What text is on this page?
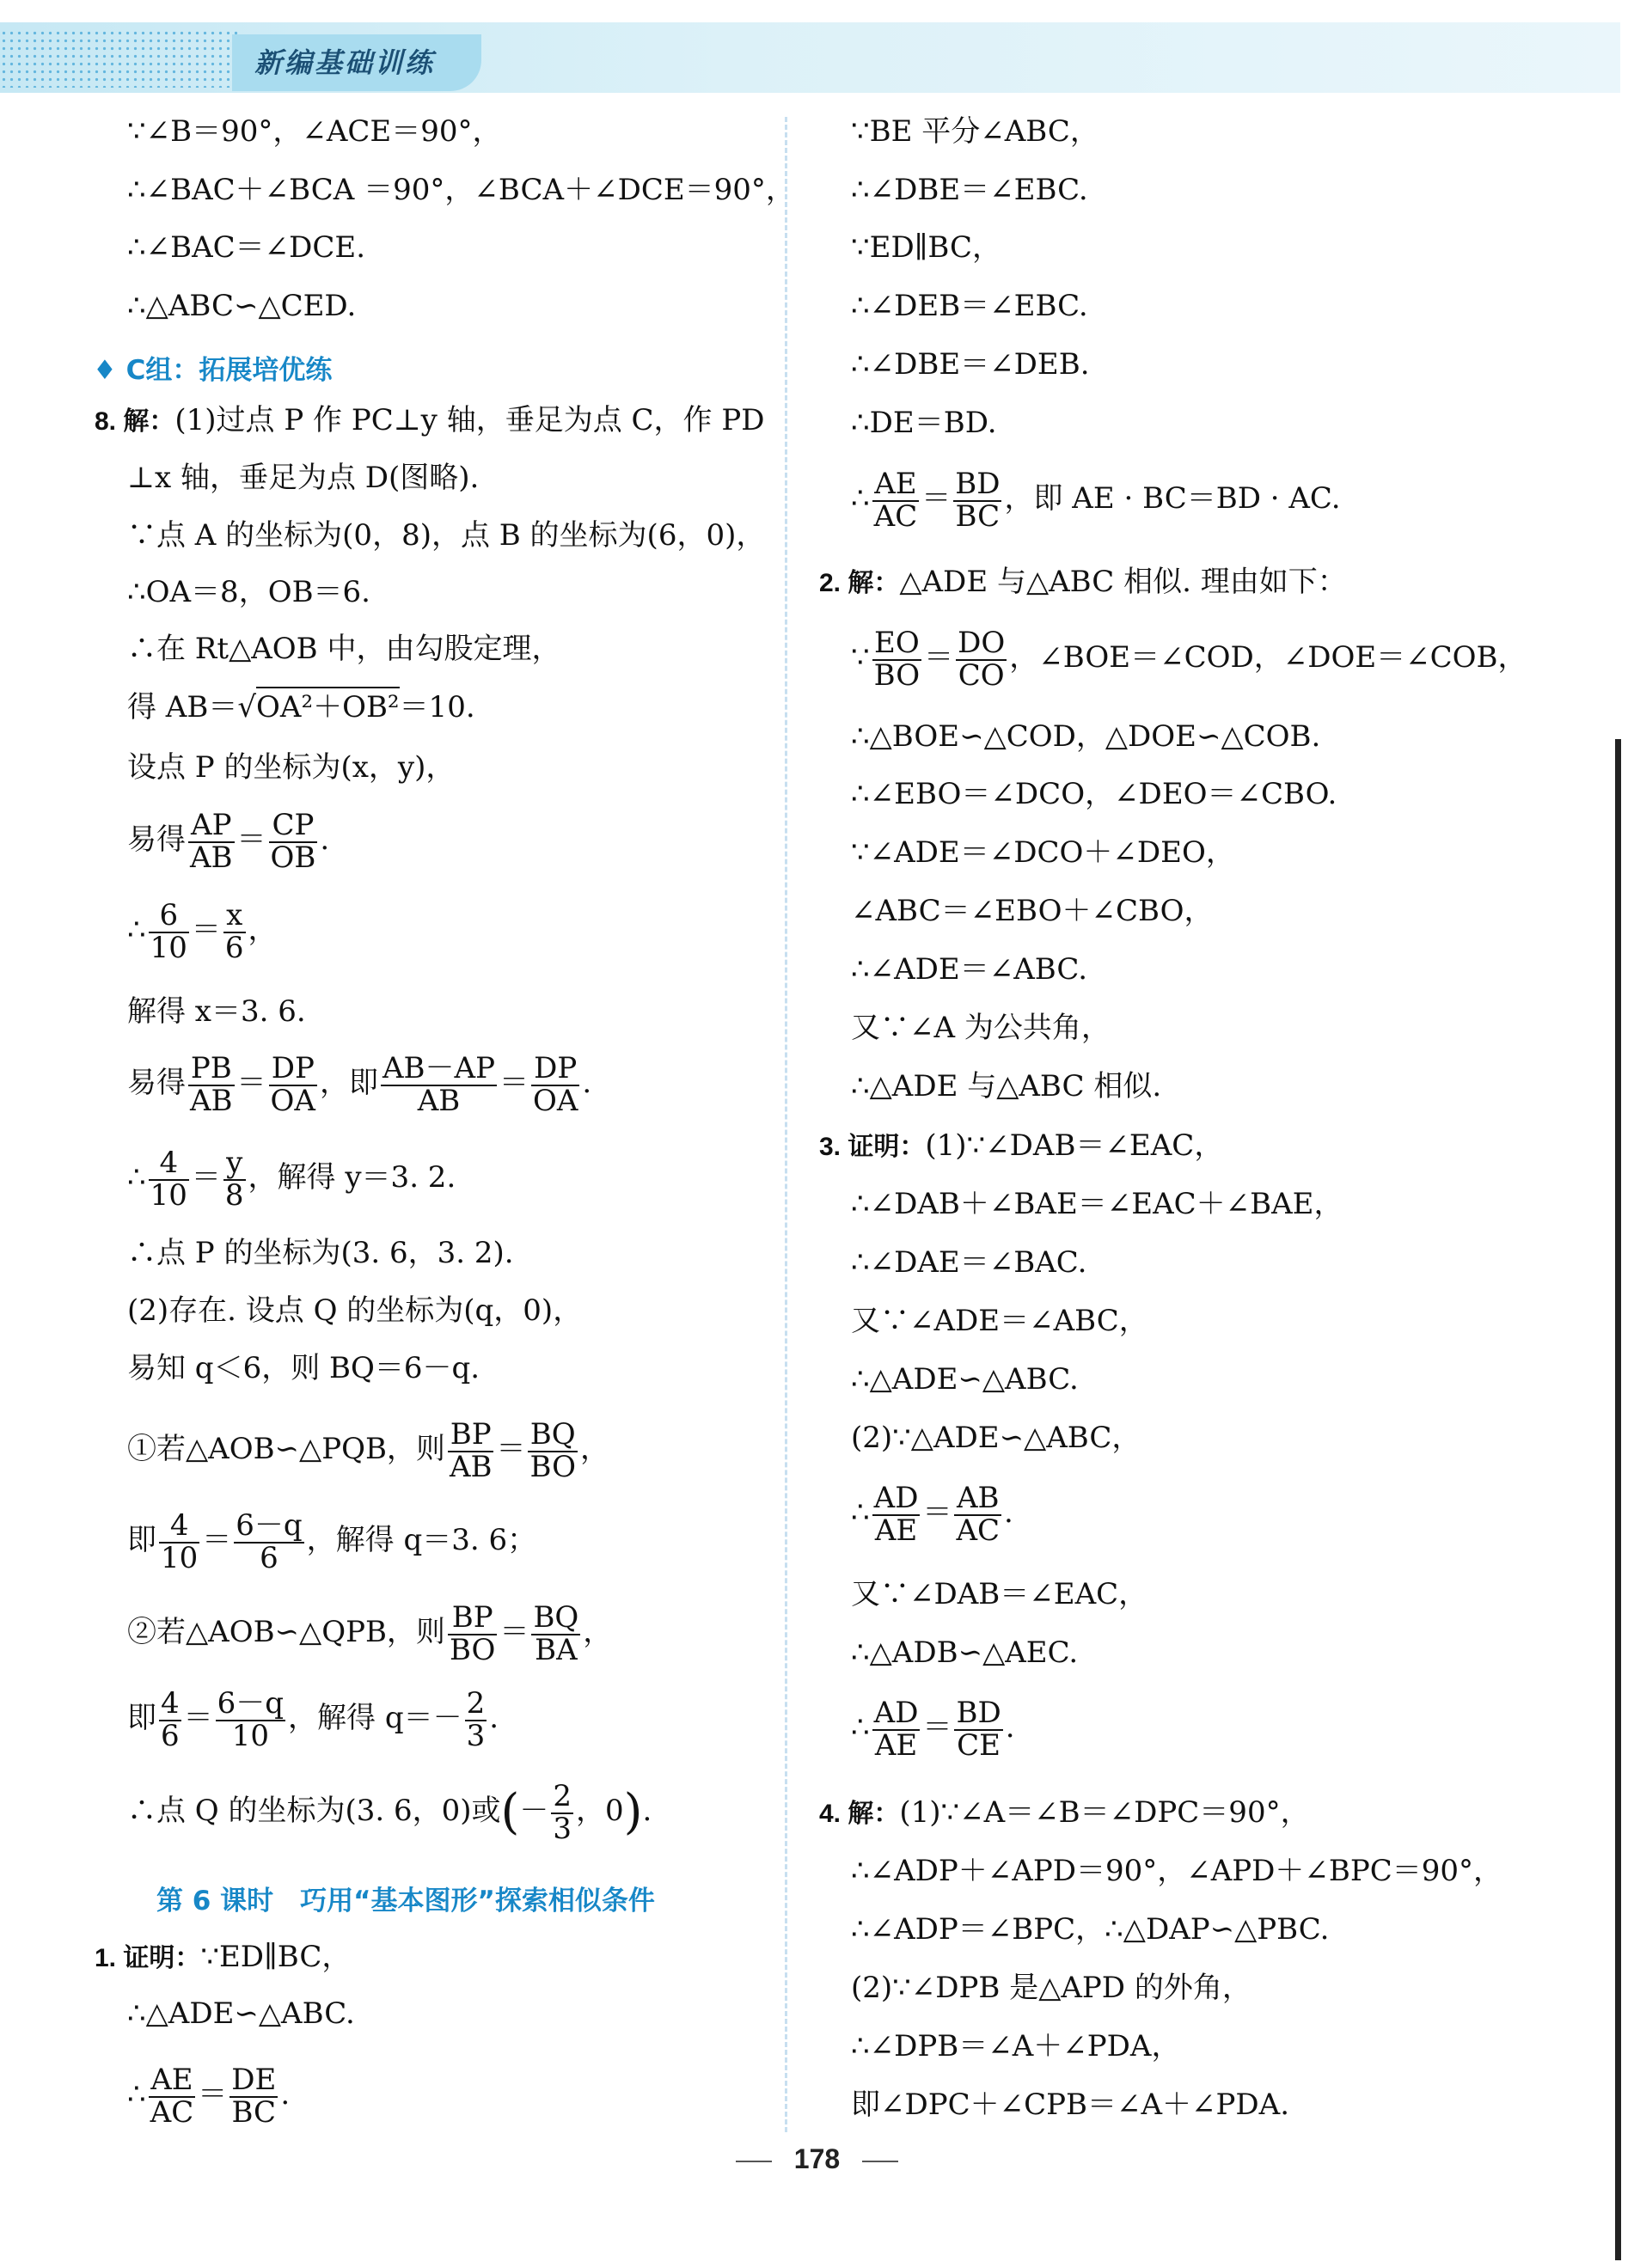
新编基础训练
∵∠B＝90°，∠ACE＝90°，
∴∠BAC＋∠BCA ＝90°，∠BCA＋∠DCE＝90°，
∴∠BAC＝∠DCE.
∴△ABC∽△CED.
♦ C组：拓展培优练
8. 解：(1)过点 P 作 PC⊥y 轴，垂足为点 C，作 PD
⊥x 轴，垂足为点 D(图略).
∵点 A 的坐标为(0，8)，点 B 的坐标为(6，0)，
∴OA＝8，OB＝6.
∴在 Rt△AOB 中，由勾股定理，
得 AB＝√OA²＋OB²＝10.
设点 P 的坐标为(x，y)，
易得 $\frac{AP}{AB} = \frac{CP}{OB}$ .
∴ $\frac{6}{10} = \frac{x}{6}$ ，
解得 x＝3. 6.
易得 $\frac{PB}{AB} = \frac{DP}{OA}$ ，即 $\frac{AB-AP}{AB} = \frac{DP}{OA}$ .
∴ $\frac{4}{10} = \frac{y}{8}$ ，解得 y＝3. 2.
∴点 P 的坐标为(3. 6，3. 2).
(2)存在. 设点 Q 的坐标为(q，0)，
易知 q＜6，则 BQ＝6－q.
①若△AOB∽△PQB，则 $\frac{BP}{AB} = \frac{BQ}{BO}$ ，
即 $\frac{4}{10} = \frac{6-q}{6}$ ，解得 q＝3. 6；
②若△AOB∽△QPB，则 $\frac{BP}{BO} = \frac{BQ}{BA}$ ，
即 $\frac{4}{6} = \frac{6-q}{10}$ ，解得 $q=- \frac{2}{3}$ .
∴点 Q 的坐标为(3. 6，0)或(－ $\frac{2}{3}$ ，0).
第 6 课时　巧用“基本图形”探索相似条件
1. 证明：∵ED∥BC，
∴△ADE∽△ABC.
∴ $\frac{AE}{AC} = \frac{DE}{BC}$ .
∵BE 平分∠ABC，
∴∠DBE＝∠EBC.
∵ED∥BC，
∴∠DEB＝∠EBC.
∴∠DBE＝∠DEB.
∴DE＝BD.
∴ $\frac{AE}{AC} = \frac{BD}{BC}$ ，即 AE · BC＝BD · AC.
2. 解：△ADE 与△ABC 相似. 理由如下：
∵ $\frac{EO}{BO} = \frac{DO}{CO}$ ，∠BOE＝∠COD，∠DOE＝∠COB，
∴△BOE∽△COD，△DOE∽△COB.
∴∠EBO＝∠DCO，∠DEO＝∠CBO.
∵∠ADE＝∠DCO＋∠DEO，
∠ABC＝∠EBO＋∠CBO，
∴∠ADE＝∠ABC.
又∵∠A 为公共角，
∴△ADE 与△ABC 相似.
3. 证明：(1)∵∠DAB＝∠EAC，
∴∠DAB＋∠BAE＝∠EAC＋∠BAE，
∴∠DAE＝∠BAC.
又∵∠ADE＝∠ABC，
∴△ADE∽△ABC.
(2)∵△ADE∽△ABC，
∴ $\frac{AD}{AE} = \frac{AB}{AC}$ .
又∵∠DAB＝∠EAC，
∴△ADB∽△AEC.
∴ $\frac{AD}{AE} = \frac{BD}{CE}$ .
4. 解：(1)∵∠A＝∠B＝∠DPC＝90°，
∴∠ADP＋∠APD＝90°，∠APD＋∠BPC＝90°，
∴∠ADP＝∠BPC，∴△DAP∽△PBC.
(2)∵∠DPB 是△APD 的外角，
∴∠DPB＝∠A＋∠PDA，
即∠DPC＋∠CPB＝∠A＋∠PDA.
178
